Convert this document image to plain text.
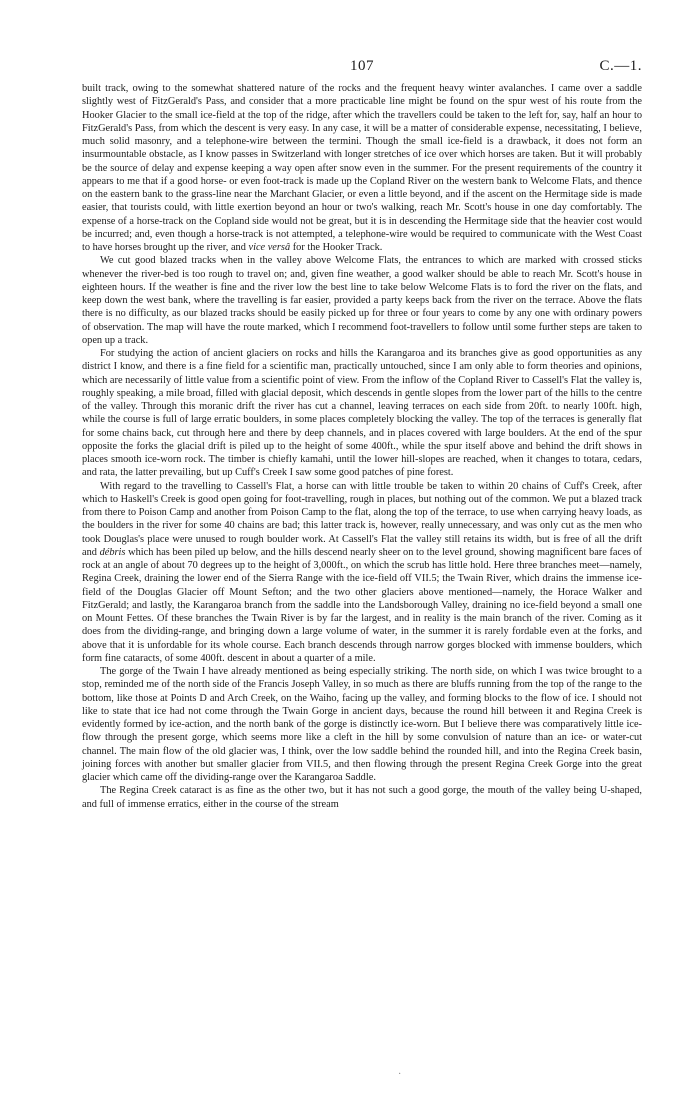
107	C.—1.

built track, owing to the somewhat shattered nature of the rocks and the frequent heavy winter avalanches. I came over a saddle slightly west of FitzGerald's Pass, and consider that a more practicable line might be found on the spur west of his route from the Hooker Glacier to the small ice-field at the top of the ridge, after which the travellers could be taken to the left for, say, half an hour to FitzGerald's Pass, from which the descent is very easy. In any case, it will be a matter of considerable expense, necessitating, I believe, much solid masonry, and a telephone-wire between the termini. Though the small ice-field is a drawback, it does not form an insurmountable obstacle, as I know passes in Switzerland with longer stretches of ice over which horses are taken. But it will probably be the source of delay and expense keeping a way open after snow even in the summer. For the present requirements of the country it appears to me that if a good horse- or even foot-track is made up the Copland River on the western bank to Welcome Flats, and thence on the eastern bank to the grass-line near the Marchant Glacier, or even a little beyond, and if the ascent on the Hermitage side is made easier, that tourists could, with little exertion beyond an hour or two's walking, reach Mr. Scott's house in one day comfortably. The expense of a horse-track on the Copland side would not be great, but it is in descending the Hermitage side that the heavier cost would be incurred; and, even though a horse-track is not attempted, a telephone-wire would be required to communicate with the West Coast to have horses brought up the river, and vice versâ for the Hooker Track.

We cut good blazed tracks when in the valley above Welcome Flats, the entrances to which are marked with crossed sticks whenever the river-bed is too rough to travel on; and, given fine weather, a good walker should be able to reach Mr. Scott's house in eighteen hours. If the weather is fine and the river low the best line to take below Welcome Flats is to ford the river on the flats, and keep down the west bank, where the travelling is far easier, provided a party keeps back from the river on the terrace. Above the flats there is no difficulty, as our blazed tracks should be easily picked up for three or four years to come by any one with ordinary powers of observation. The map will have the route marked, which I recommend foot-travellers to follow until some further steps are taken to open up a track.

For studying the action of ancient glaciers on rocks and hills the Karangaroa and its branches give as good opportunities as any district I know, and there is a fine field for a scientific man, practically untouched, since I am only able to form theories and opinions, which are necessarily of little value from a scientific point of view. From the inflow of the Copland River to Cassell's Flat the valley is, roughly speaking, a mile broad, filled with glacial deposit, which descends in gentle slopes from the lower part of the hills to the centre of the valley. Through this moranic drift the river has cut a channel, leaving terraces on each side from 20ft. to nearly 100ft. high, while the course is full of large erratic boulders, in some places completely blocking the valley. The top of the terraces is generally flat for some chains back, cut through here and there by deep channels, and in places covered with large boulders. At the end of the spur opposite the forks the glacial drift is piled up to the height of some 400ft., while the spur itself above and behind the drift shows in places smooth ice-worn rock. The timber is chiefly kamahi, until the lower hill-slopes are reached, when it changes to totara, cedars, and rata, the latter prevailing, but up Cuff's Creek I saw some good patches of pine forest.

With regard to the travelling to Cassell's Flat, a horse can with little trouble be taken to within 20 chains of Cuff's Creek, after which to Haskell's Creek is good open going for foot-travelling, rough in places, but nothing out of the common. We put a blazed track from there to Poison Camp and another from Poison Camp to the flat, along the top of the terrace, to use when carrying heavy loads, as the boulders in the river for some 40 chains are bad; this latter track is, however, really unnecessary, and was only cut as the men who took Douglas's place were unused to rough boulder work. At Cassell's Flat the valley still retains its width, but is free of all the drift and débris which has been piled up below, and the hills descend nearly sheer on to the level ground, showing magnificent bare faces of rock at an angle of about 70 degrees up to the height of 3,000ft., on which the scrub has little hold. Here three branches meet—namely, Regina Creek, draining the lower end of the Sierra Range with the ice-field off VII.5; the Twain River, which drains the immense ice-field of the Douglas Glacier off Mount Sefton; and the two other glaciers above mentioned—namely, the Horace Walker and FitzGerald; and lastly, the Karangaroa branch from the saddle into the Landsborough Valley, draining no ice-field beyond a small one on Mount Fettes. Of these branches the Twain River is by far the largest, and in reality is the main branch of the river. Coming as it does from the dividing-range, and bringing down a large volume of water, in the summer it is rarely fordable even at the forks, and above that it is unfordable for its whole course. Each branch descends through narrow gorges blocked with immense boulders, which form fine cataracts, of some 400ft. descent in about a quarter of a mile.

The gorge of the Twain I have already mentioned as being especially striking. The north side, on which I was twice brought to a stop, reminded me of the north side of the Francis Joseph Valley, in so much as there are bluffs running from the top of the range to the bottom, like those at Points D and Arch Creek, on the Waiho, facing up the valley, and forming blocks to the flow of ice. I should not like to state that ice had not come through the Twain Gorge in ancient days, because the round hill between it and Regina Creek is evidently formed by ice-action, and the north bank of the gorge is distinctly ice-worn. But I believe there was comparatively little ice-flow through the present gorge, which seems more like a cleft in the hill by some convulsion of nature than an ice- or water-cut channel. The main flow of the old glacier was, I think, over the low saddle behind the rounded hill, and into the Regina Creek basin, joining forces with another but smaller glacier from VII.5, and then flowing through the present Regina Creek Gorge into the great glacier which came off the dividing-range over the Karangaroa Saddle.

The Regina Creek cataract is as fine as the other two, but it has not such a good gorge, the mouth of the valley being U-shaped, and full of immense erratics, either in the course of the stream

·
